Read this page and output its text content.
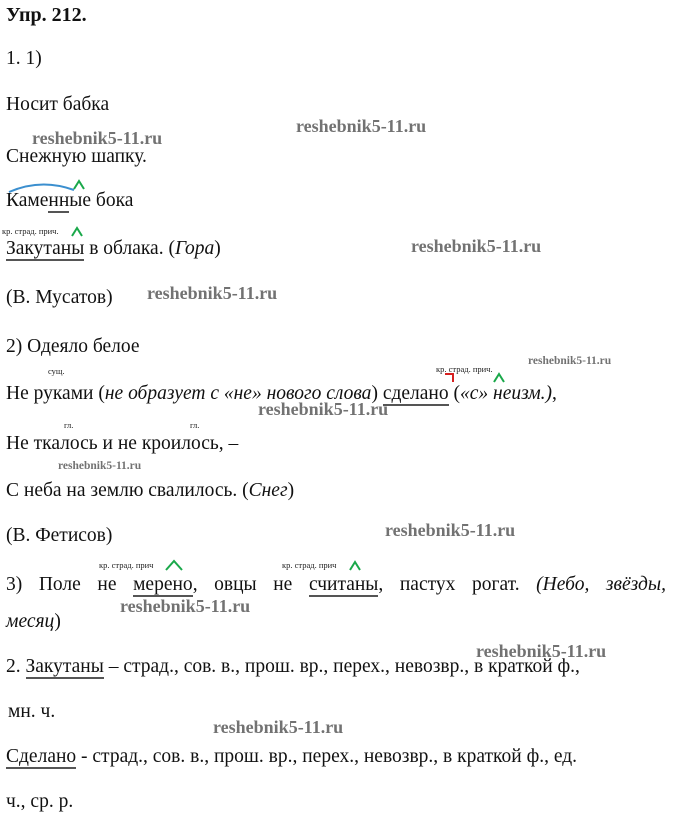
Упр. 212.
1. 1)
Носит бабка
Снежную шапку.
Каменные бока
кр. страд. прич.
Закутаны в облака. (Гора)
(В. Мусатов)
2) Одеяло белое
сущ.	кр. страд. прич.
Не руками (не образует с «не» нового слова) сделано («с» неизм.),
гл.	гл.
Не ткалось и не кроилось, –
С неба на землю свалилось. (Снег)
(В. Фетисов)
кр. страд. прич	кр. страд. прич
3) Поле не мерено, овцы не считаны, пастух рогат. (Небо, звёзды,
месяц)
2. Закутаны – страд., сов. в., прош. вр., перех., невозвр., в краткой ф.,
мн. ч.
Сделано - страд., сов. в., прош. вр., перех., невозвр., в краткой ф., ед.
ч., ср. р.
reshebnik5-11.ru
reshebnik5-11.ru
reshebnik5-11.ru
reshebnik5-11.ru
reshebnik5-11.ru
reshebnik5-11.ru
reshebnik5-11.ru
reshebnik5-11.ru
reshebnik5-11.ru
reshebnik5-11.ru
reshebnik5-11.ru
